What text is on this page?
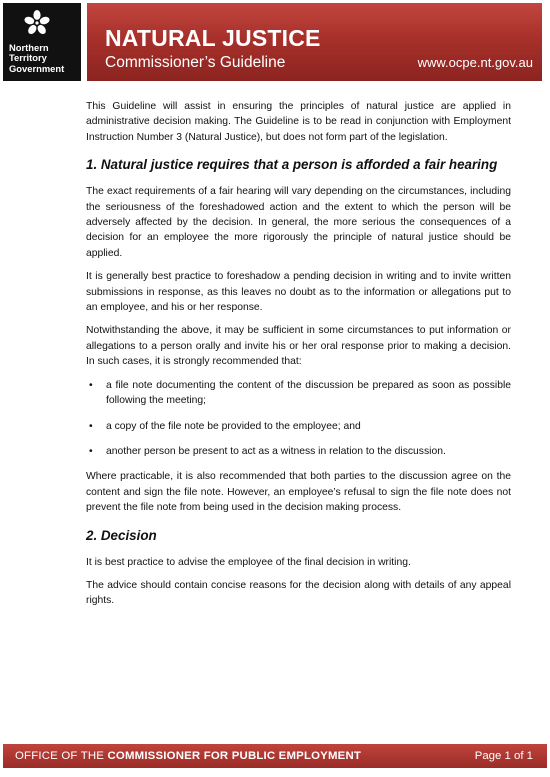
Northern
Territory
Government
NATURAL JUSTICE
Commissioner’s Guideline	www.ocpe.nt.gov.au

This Guideline will assist in ensuring the principles of natural justice are applied in administrative decision making. The Guideline is to be read in conjunction with Employment Instruction Number 3 (Natural Justice), but does not form part of the legislation.

1. Natural justice requires that a person is afforded a fair hearing

The exact requirements of a fair hearing will vary depending on the circumstances, including the seriousness of the foreshadowed action and the extent to which the person will be adversely affected by the decision. In general, the more serious the consequences of a decision for an employee the more rigorously the principle of natural justice should be applied.

It is generally best practice to foreshadow a pending decision in writing and to invite written submissions in response, as this leaves no doubt as to the information or allegations put to an employee, and his or her response.

Notwithstanding the above, it may be sufficient in some circumstances to put information or allegations to a person orally and invite his or her oral response prior to making a decision. In such cases, it is strongly recommended that:

• a file note documenting the content of the discussion be prepared as soon as possible following the meeting;
• a copy of the file note be provided to the employee; and
• another person be present to act as a witness in relation to the discussion.

Where practicable, it is also recommended that both parties to the discussion agree on the content and sign the file note. However, an employee’s refusal to sign the file note does not prevent the file note from being used in the decision making process.

2. Decision

It is best practice to advise the employee of the final decision in writing.

The advice should contain concise reasons for the decision along with details of any appeal rights.

OFFICE OF THE COMMISSIONER FOR PUBLIC EMPLOYMENT	Page 1 of 1
